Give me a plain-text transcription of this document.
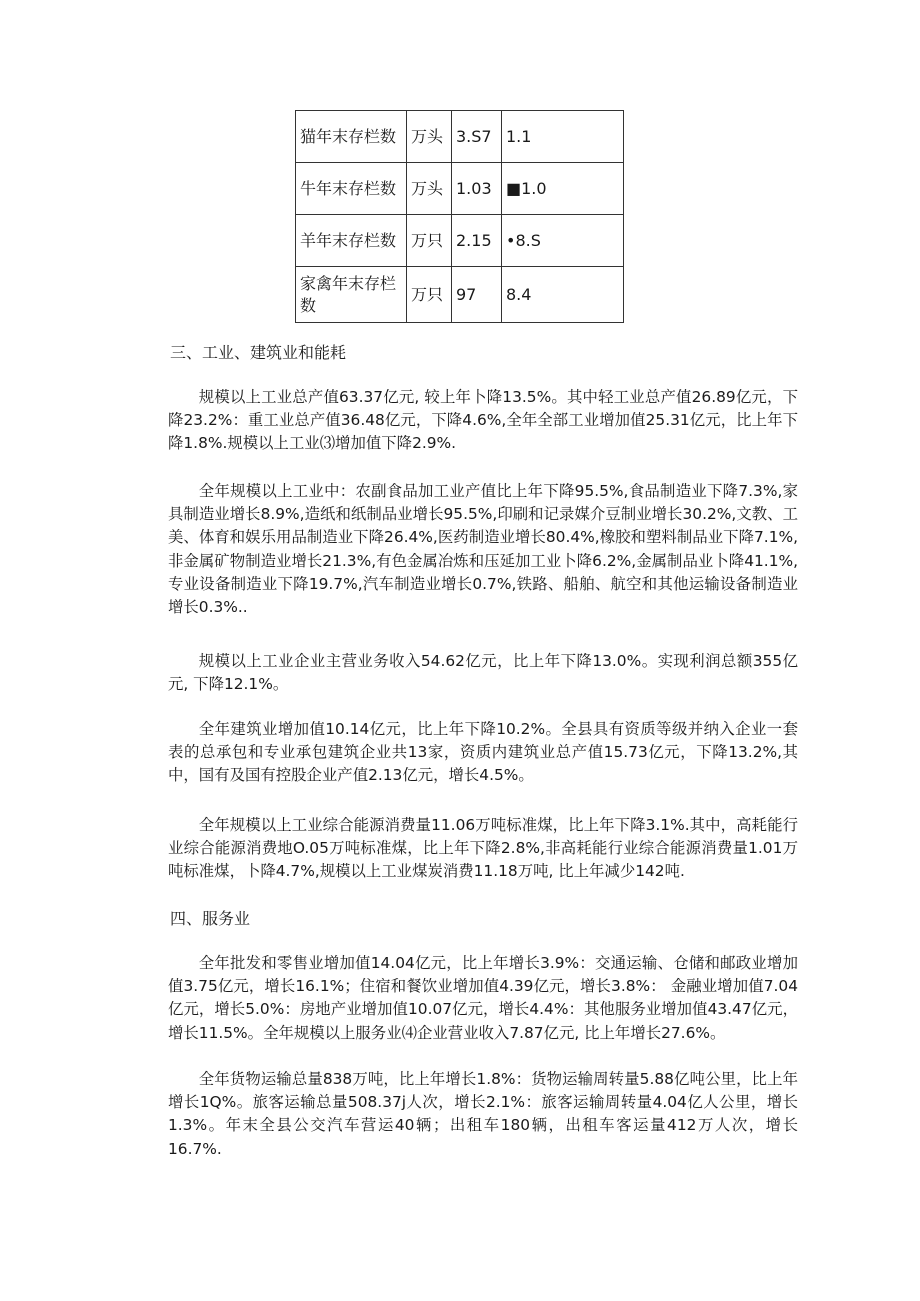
猫年末存栏数	万头	3.S7	1.1
牛年末存栏数	万头	1.03	■1.0
羊年末存栏数	万只	2.15	•8.S
家禽年末存栏数	万只	97	8.4
三、工业、建筑业和能耗

规模以上工业总产值63.37亿元, 较上年卜降13.5%。其中轻工业总产值26.89亿元，下降23.2%：重工业总产值36.48亿元，下降4.6%,全年全部工业增加值25.31亿元，比上年下降1.8%.规模以上工业⑶增加值下降2.9%.

全年规模以上工业中：农副食品加工业产值比上年下降95.5%,食品制造业下降7.3%,家具制造业增长8.9%,造纸和纸制品业增长95.5%,印刷和记录媒介豆制业增长30.2%,文教、工美、体育和娱乐用品制造业下降26.4%,医药制造业增长80.4%,橡胶和塑料制品业下降7.1%,非金属矿物制造业增长21.3%,有色金属冶炼和压延加工业卜降6.2%,金属制品业卜降41.1%,专业设备制造业下降19.7%,汽车制造业增长0.7%,铁路、船舶、航空和其他运输设备制造业增长0.3%..

规模以上工业企业主营业务收入54.62亿元，比上年下降13.0%。实现利润总额355亿元, 下降12.1%。

全年建筑业增加值10.14亿元，比上年下降10.2%。全县具有资质等级并纳入企业一套表的总承包和专业承包建筑企业共13家，资质内建筑业总产值15.73亿元，下降13.2%,其中，国有及国有控股企业产值2.13亿元，增长4.5%。

全年规模以上工业综合能源消费量11.06万吨标准煤，比上年下降3.1%.其中，高耗能行业综合能源消费地O.05万吨标准煤，比上年下降2.8%,非高耗能行业综合能源消费量1.01万吨标准煤，卜降4.7%,规模以上工业煤炭消费11.18万吨, 比上年减少142吨.

四、服务业

全年批发和零售业增加值14.04亿元，比上年增长3.9%：交通运输、仓储和邮政业增加值3.75亿元，增长16.1%；住宿和餐饮业增加值4.39亿元，增长3.8%： 金融业增加值7.04亿元，增长5.0%：房地产业增加值10.07亿元，增长4.4%：其他服务业增加值43.47亿元，增长11.5%。全年规模以上服务业⑷企业营业收入7.87亿元, 比上年增长27.6%。

全年货物运输总量838万吨，比上年增长1.8%：货物运输周转量5.88亿吨公里，比上年增长1Q%。旅客运输总量508.37j人次，增长2.1%：旅客运输周转量4.04亿人公里，增长1.3%。年末全县公交汽车营运40辆；出租车180辆，出租车客运量412万人次，增长16.7%.
